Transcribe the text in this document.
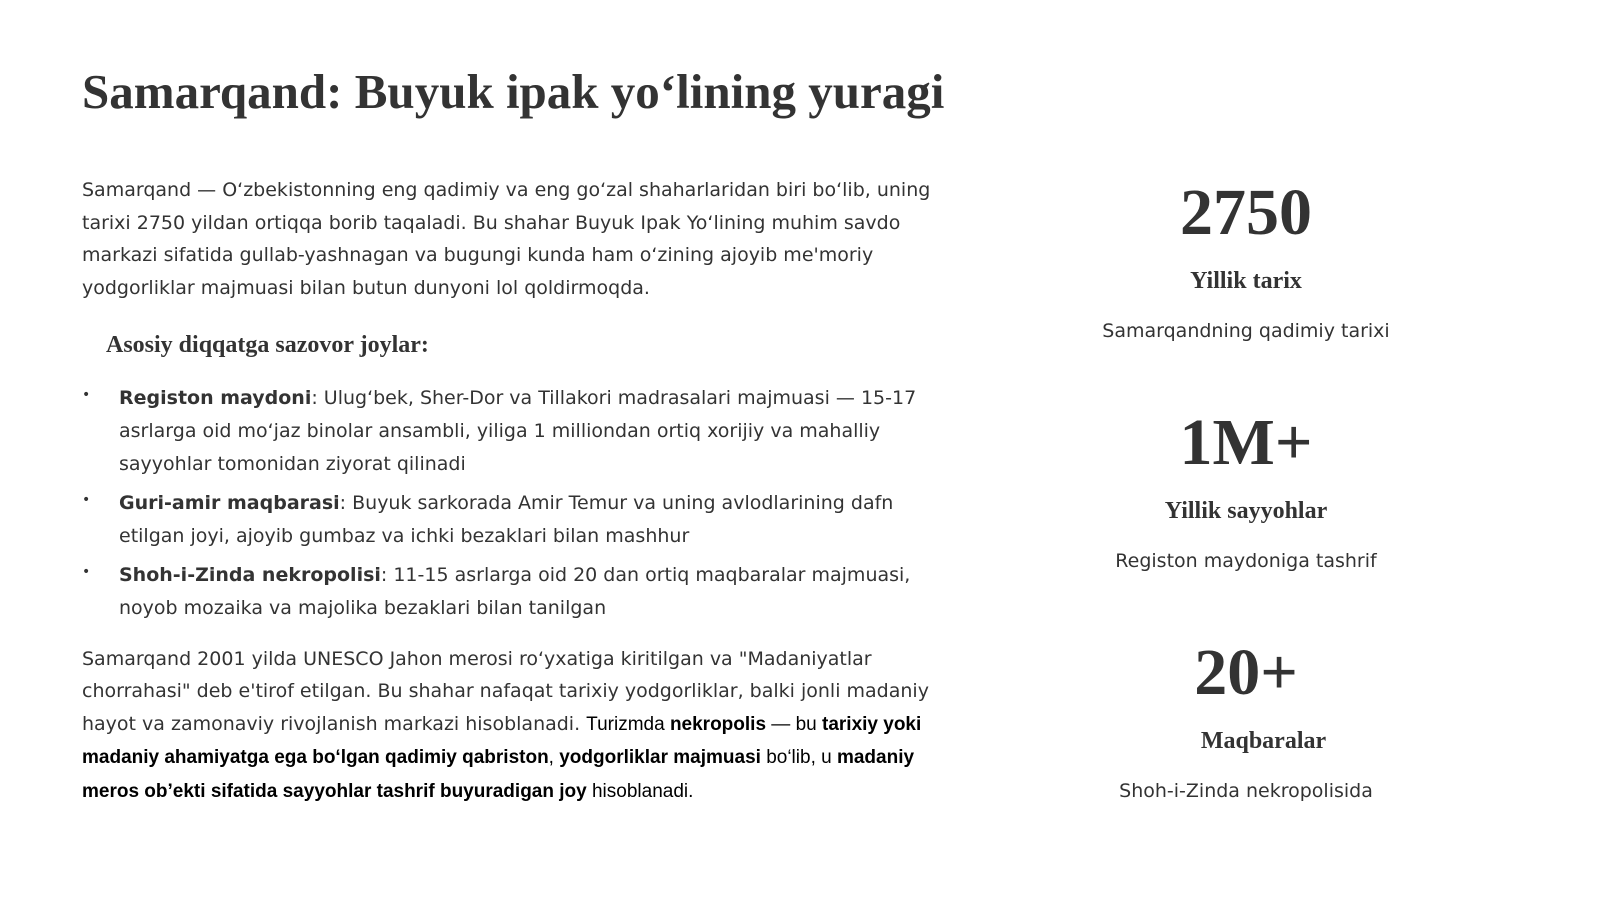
Samarqand: Buyuk ipak yo‘lining yuragi

Samarqand — O‘zbekistonning eng qadimiy va eng go‘zal shaharlaridan biri bo‘lib, uning tarixi 2750 yildan ortiqqa borib taqaladi. Bu shahar Buyuk Ipak Yo‘lining muhim savdo markazi sifatida gullab-yashnagan va bugungi kunda ham o‘zining ajoyib me'moriy yodgorliklar majmuasi bilan butun dunyoni lol qoldirmoqda.

Asosiy diqqatga sazovor joylar:
• Registon maydoni: Ulug‘bek, Sher-Dor va Tillakori madrasalari majmuasi — 15-17 asrlarga oid mo‘jaz binolar ansambli, yiliga 1 milliondan ortiq xorijiy va mahalliy sayyohlar tomonidan ziyorat qilinadi
• Guri-amir maqbarasi: Buyuk sarkorada Amir Temur va uning avlodlarining dafn etilgan joyi, ajoyib gumbaz va ichki bezaklari bilan mashhur
• Shoh-i-Zinda nekropolisi: 11-15 asrlarga oid 20 dan ortiq maqbaralar majmuasi, noyob mozaika va majolika bezaklari bilan tanilgan

Samarqand 2001 yilda UNESCO Jahon merosi ro‘yxatiga kiritilgan va "Madaniyatlar chorrahasi" deb e'tirof etilgan. Bu shahar nafaqat tarixiy yodgorliklar, balki jonli madaniy hayot va zamonaviy rivojlanish markazi hisoblanadi. Turizmda nekropolis — bu tarixiy yoki madaniy ahamiyatga ega bo‘lgan qadimiy qabriston, yodgorliklar majmuasi bo‘lib, u madaniy meros ob’ekti sifatida sayyohlar tashrif buyuradigan joy hisoblanadi.

2750
Yillik tarix
Samarqandning qadimiy tarixi
1M+
Yillik sayyohlar
Registon maydoniga tashrif
20+
Maqbaralar
Shoh-i-Zinda nekropolisida
